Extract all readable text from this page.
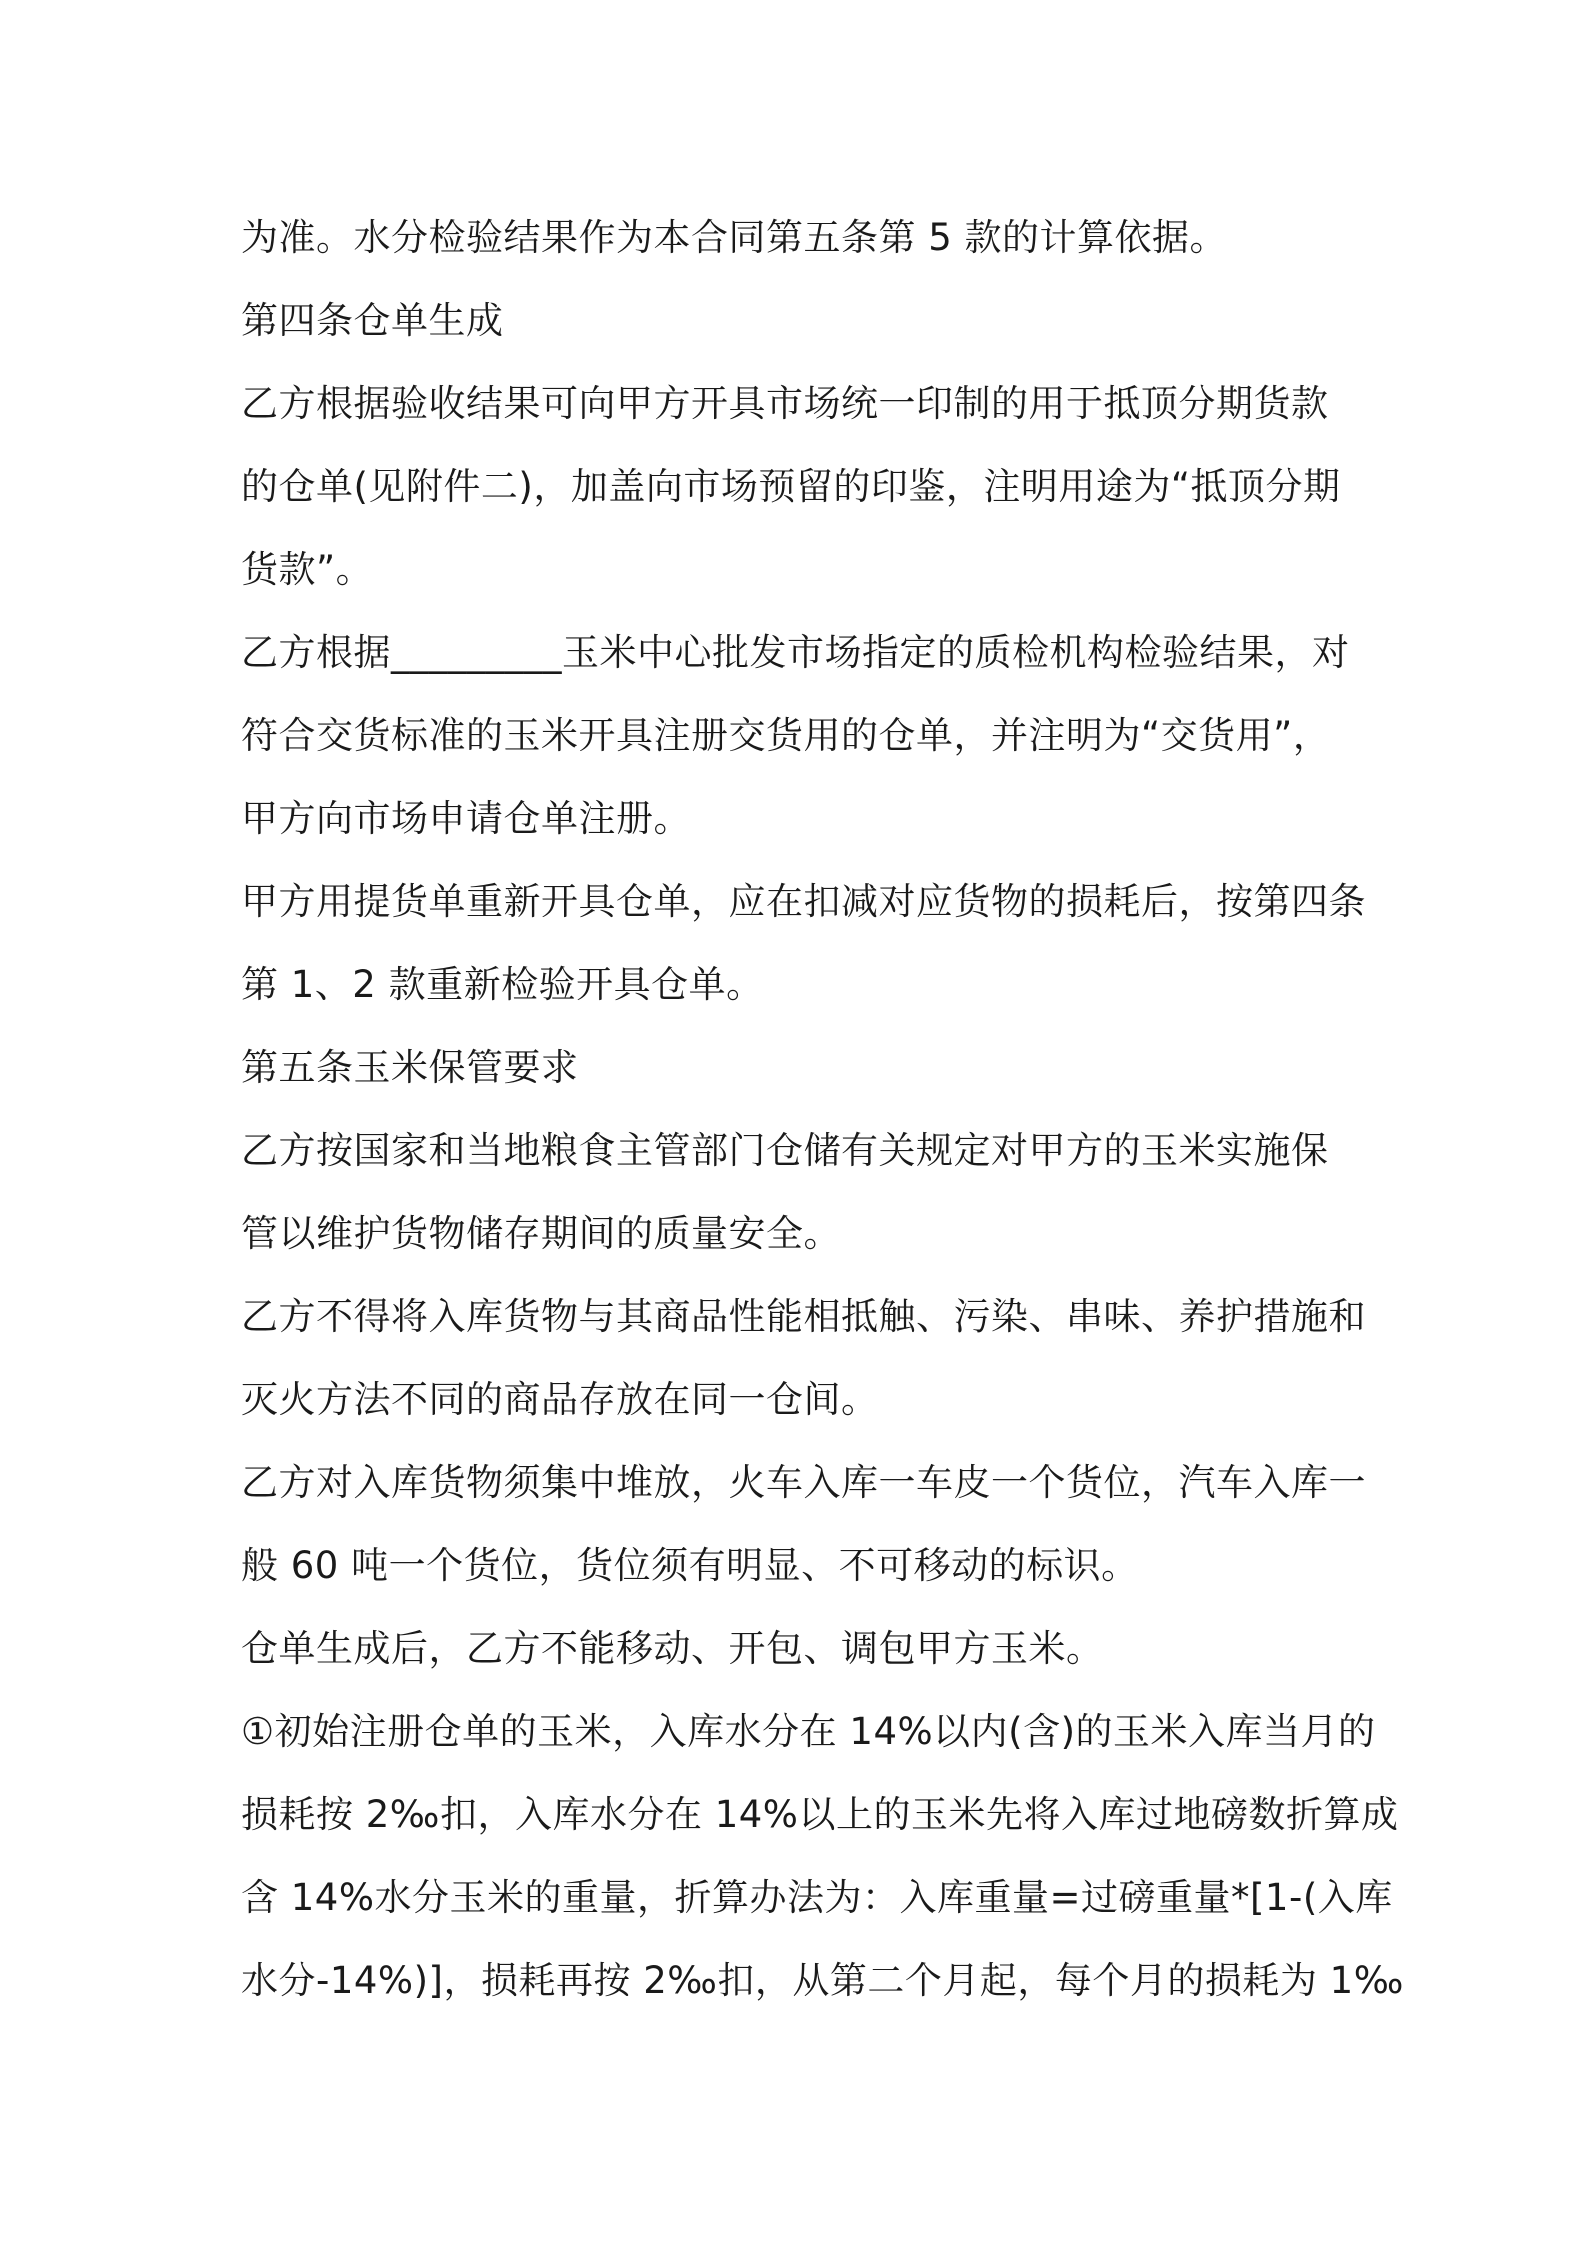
为准。水分检验结果作为本合同第五条第 5 款的计算依据。
第四条仓单生成
乙方根据验收结果可向甲方开具市场统一印制的用于抵顶分期货款
的仓单(见附件二)，加盖向市场预留的印鉴，注明用途为“抵顶分期
货款”。
乙方根据_________玉米中心批发市场指定的质检机构检验结果，对
符合交货标准的玉米开具注册交货用的仓单，并注明为“交货用”，
甲方向市场申请仓单注册。
甲方用提货单重新开具仓单，应在扣减对应货物的损耗后，按第四条
第 1、2 款重新检验开具仓单。
第五条玉米保管要求
乙方按国家和当地粮食主管部门仓储有关规定对甲方的玉米实施保
管以维护货物储存期间的质量安全。
乙方不得将入库货物与其商品性能相抵触、污染、串味、养护措施和
灭火方法不同的商品存放在同一仓间。
乙方对入库货物须集中堆放，火车入库一车皮一个货位，汽车入库一
般 60 吨一个货位，货位须有明显、不可移动的标识。
仓单生成后，乙方不能移动、开包、调包甲方玉米。
①初始注册仓单的玉米，入库水分在 14%以内(含)的玉米入库当月的
损耗按 2‰扣，入库水分在 14%以上的玉米先将入库过地磅数折算成
含 14%水分玉米的重量，折算办法为：入库重量=过磅重量*[1-(入库
水分-14%)]，损耗再按 2‰扣，从第二个月起，每个月的损耗为 1‰
